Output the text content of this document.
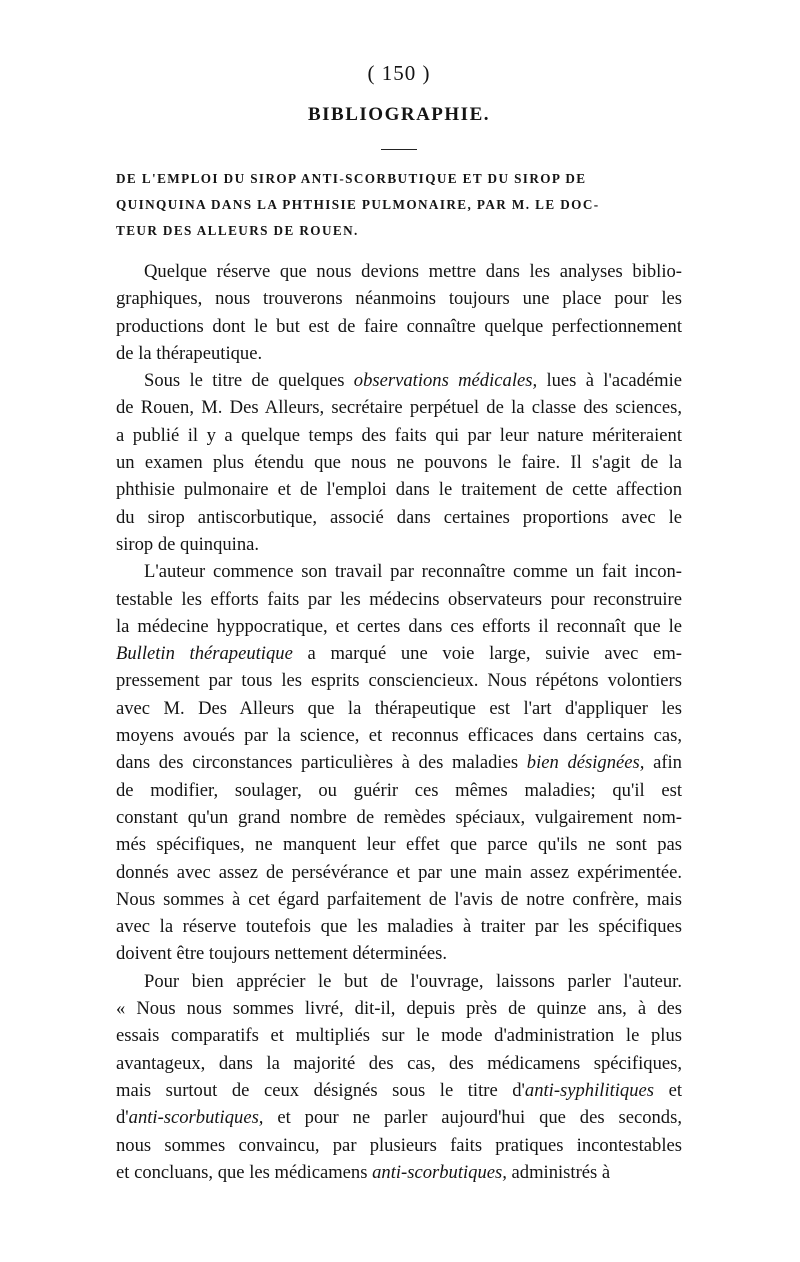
( 150 )
BIBLIOGRAPHIE.
DE L'EMPLOI DU SIROP ANTI-SCORBUTIQUE ET DU SIROP DE
QUINQUINA DANS LA PHTHISIE PULMONAIRE, PAR M. LE DOC-
TEUR DES ALLEURS DE ROUEN.
Quelque réserve que nous devions mettre dans les analyses biblio-
graphiques, nous trouverons néanmoins toujours une place pour les
productions dont le but est de faire connaître quelque perfectionnement
de la thérapeutique.
Sous le titre de quelques observations médicales, lues à l'académie
de Rouen, M. Des Alleurs, secrétaire perpétuel de la classe des sciences,
a publié il y a quelque temps des faits qui par leur nature mériteraient
un examen plus étendu que nous ne pouvons le faire. Il s'agit de la
phthisie pulmonaire et de l'emploi dans le traitement de cette affection
du sirop antiscorbutique, associé dans certaines proportions avec le
sirop de quinquina.
L'auteur commence son travail par reconnaître comme un fait incon-
testable les efforts faits par les médecins observateurs pour reconstruire
la médecine hyppocratique, et certes dans ces efforts il reconnaît que le
Bulletin thérapeutique a marqué une voie large, suivie avec em-
pressement par tous les esprits consciencieux. Nous répétons volontiers
avec M. Des Alleurs que la thérapeutique est l'art d'appliquer les
moyens avoués par la science, et reconnus efficaces dans certains cas,
dans des circonstances particulières à des maladies bien désignées, afin
de modifier, soulager, ou guérir ces mêmes maladies; qu'il est
constant qu'un grand nombre de remèdes spéciaux, vulgairement nom-
més spécifiques, ne manquent leur effet que parce qu'ils ne sont pas
donnés avec assez de persévérance et par une main assez expérimentée.
Nous sommes à cet égard parfaitement de l'avis de notre confrère, mais
avec la réserve toutefois que les maladies à traiter par les spécifiques
doivent être toujours nettement déterminées.
Pour bien apprécier le but de l'ouvrage, laissons parler l'auteur.
« Nous nous sommes livré, dit-il, depuis près de quinze ans, à des
essais comparatifs et multipliés sur le mode d'administration le plus
avantageux, dans la majorité des cas, des médicamens spécifiques,
mais surtout de ceux désignés sous le titre d'anti-syphilitiques et
d'anti-scorbutiques, et pour ne parler aujourd'hui que des seconds,
nous sommes convaincu, par plusieurs faits pratiques incontestables
et concluans, que les médicamens anti-scorbutiques, administrés à
